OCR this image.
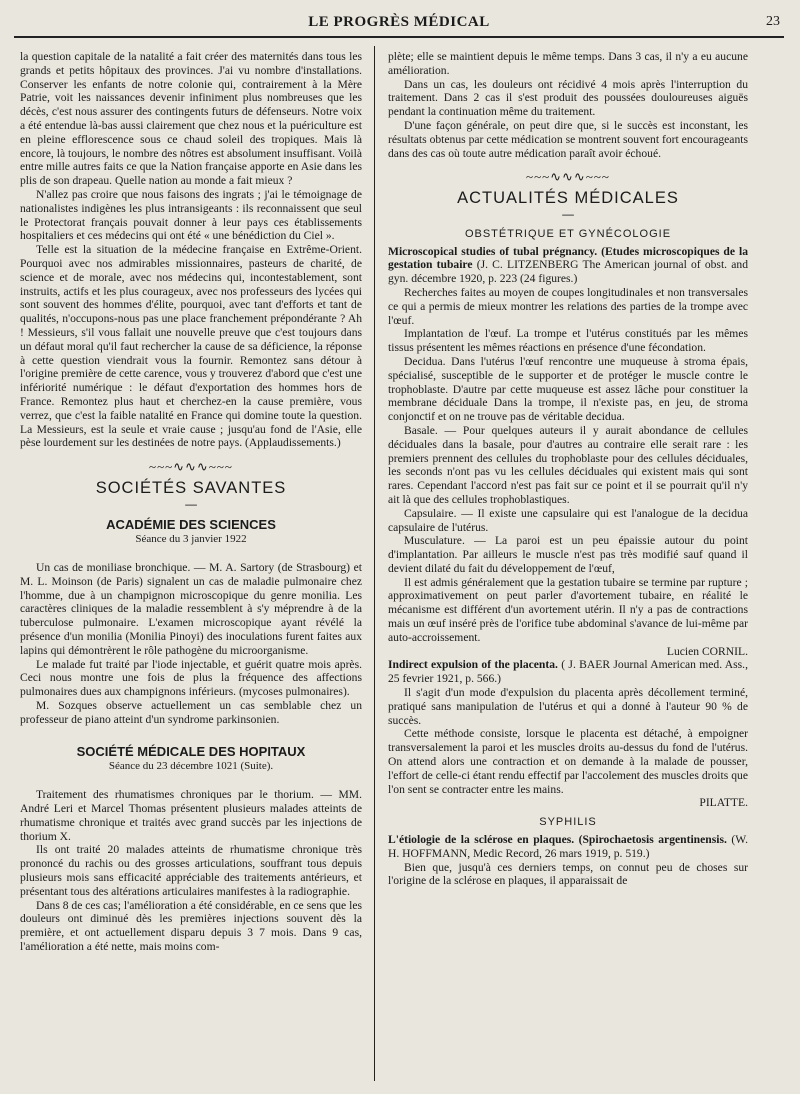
LE PROGRÈS MÉDICAL	23

la question capitale de la natalité a fait créer des maternités dans tous les grands et petits hôpitaux des provinces. J'ai vu nombre d'installations. Conserver les enfants de notre colonie qui, contrairement à la Mère Patrie, voit les naissances devenir infiniment plus nombreuses que les décès, c'est nous assurer des contingents futurs de défenseurs. Notre voix a été entendue là-bas aussi clairement que chez nous et la puériculture est en pleine efflorescence sous ce chaud soleil des tropiques. Mais là encore, là toujours, le nombre des nôtres est absolument insuffisant. Voilà entre mille autres faits ce que la Nation française apporte en Asie dans les plis de son drapeau. Quelle nation au monde a fait mieux ?

N'allez pas croire que nous faisons des ingrats ; j'ai le témoignage de nationalistes indigènes les plus intransigeants : ils reconnaissent que seul le Protectorat français pouvait donner à leur pays ces établissements hospitaliers et ces médecins qui ont été « une bénédiction du Ciel ».

Telle est la situation de la médecine française en Extrême-Orient. Pourquoi avec nos admirables missionnaires, pasteurs de charité, de science et de morale, avec nos médecins qui, incontestablement, sont instruits, actifs et les plus courageux, avec nos professeurs des lycées qui sont souvent des hommes d'élite, pourquoi, avec tant d'efforts et tant de qualités, n'occupons-nous pas une place franchement prépondérante ? Ah ! Messieurs, s'il vous fallait une nouvelle preuve que c'est toujours dans un défaut moral qu'il faut rechercher la cause de sa déficience, la réponse à cette question viendrait vous la fournir. Remontez sans détour à l'origine première de cette carence, vous y trouverez d'abord que c'est une infériorité numérique : le défaut d'exportation des hommes hors de France. Remontez plus haut et cherchez-en la cause première, vous verrez, que c'est la faible natalité en France qui domine toute la question. La Messieurs, est la seule et vraie cause ; jusqu'au fond de l'Asie, elle pèse lourdement sur les destinées de notre pays. (Applaudissements.)

~~~∿∿∿~~~
SOCIÉTÉS SAVANTES
—
ACADÉMIE DES SCIENCES
Séance du 3 janvier 1922

Un cas de moniliase bronchique. — M. A. Sartory (de Strasbourg) et M. L. Moinson (de Paris) signalent un cas de maladie pulmonaire chez l'homme, due à un champignon microscopique du genre monilia. Les caractères cliniques de la maladie ressemblent à s'y méprendre à de la tuberculose pulmonaire. L'examen microscopique ayant révélé la présence d'un monilia (Monilia Pinoyi) des inoculations furent faites aux lapins qui démontrèrent le rôle pathogène du microorganisme.

Le malade fut traité par l'iode injectable, et guérit quatre mois après. Ceci nous montre une fois de plus la fréquence des affections pulmonaires dues aux champignons inférieurs. (mycoses pulmonaires).

M. Sozques observe actuellement un cas semblable chez un professeur de piano atteint d'un syndrome parkinsonien.

SOCIÉTÉ MÉDICALE DES HOPITAUX
Séance du 23 décembre 1021 (Suite).

Traitement des rhumatismes chroniques par le thorium. — MM. André Leri et Marcel Thomas présentent plusieurs malades atteints de rhumatisme chronique et traités avec grand succès par les injections de thorium X.

Ils ont traité 20 malades atteints de rhumatisme chronique très prononcé du rachis ou des grosses articulations, souffrant tous depuis plusieurs mois sans efficacité appréciable des traitements antérieurs, et présentant tous des altérations articulaires manifestes à la radiographie.

Dans 8 de ces cas; l'amélioration a été considérable, en ce sens que les douleurs ont diminué dès les premières injections souvent dès la première, et ont actuellement disparu depuis 3 7 mois. Dans 9 cas, l'amélioration a été nette, mais moins com-

plète; elle se maintient depuis le même temps. Dans 3 cas, il n'y a eu aucune amélioration.

Dans un cas, les douleurs ont récidivé 4 mois après l'interruption du traitement. Dans 2 cas il s'est produit des poussées douloureuses aiguës pendant la continuation même du traitement.

D'une façon générale, on peut dire que, si le succès est inconstant, les résultats obtenus par cette médication se montrent souvent fort encourageants dans des cas où toute autre médication paraît avoir échoué.

~~~∿∿∿~~~
ACTUALITÉS MÉDICALES
—
OBSTÉTRIQUE ET GYNÉCOLOGIE

Microscopical studies of tubal prégnancy. (Etudes microscopiques de la gestation tubaire (J. C. LITZENBERG The American journal of obst. and gyn. décembre 1920, p. 223 (24 figures.)

Recherches faites au moyen de coupes longitudinales et non transversales ce qui a permis de mieux montrer les relations des parties de la trompe avec l'œuf.

Implantation de l'œuf. La trompe et l'utérus constitués par les mêmes tissus présentent les mêmes réactions en présence d'une fécondation.

Decidua. Dans l'utérus l'œuf rencontre une muqueuse à stroma épais, spécialisé, susceptible de le supporter et de protéger le muscle contre le trophoblaste. D'autre par cette muqueuse est assez lâche pour constituer la membrane déciduale Dans la trompe, il n'existe pas, en jeu, de stroma conjonctif et on ne trouve pas de véritable decidua.

Basale. — Pour quelques auteurs il y aurait abondance de cellules déciduales dans la basale, pour d'autres au contraire elle serait rare : les premiers prennent des cellules du trophoblaste pour des cellules déciduales, les seconds n'ont pas vu les cellules déciduales qui existent mais qui sont rares. Cependant l'accord n'est pas fait sur ce point et il se pourrait qu'il n'y ait là que des cellules trophoblastiques.

Capsulaire. — Il existe une capsulaire qui est l'analogue de la decidua capsulaire de l'utérus.

Musculature. — La paroi est un peu épaissie autour du point d'implantation. Par ailleurs le muscle n'est pas très modifié sauf quand il devient dilaté du fait du développement de l'œuf,

Il est admis généralement que la gestation tubaire se termine par rupture ; approximativement on peut parler d'avortement tubaire, en réalité le mécanisme est différent d'un avortement utérin. Il n'y a pas de contractions mais un œuf inséré près de l'orifice tube abdominal s'avance de lui-même par auto-accroissement.

Lucien CORNIL.

Indirect expulsion of the placenta. ( J. BAER Journal American med. Ass., 25 fevrier 1921, p. 566.)

Il s'agit d'un mode d'expulsion du placenta après décollement terminé, pratiqué sans manipulation de l'utérus et qui a donné à l'auteur 90 % de succès.

Cette méthode consiste, lorsque le placenta est détaché, à empoigner transversalement la paroi et les muscles droits au-dessus du fond de l'utérus. On attend alors une contraction et on demande à la malade de pousser, l'effort de celle-ci étant rendu effectif par l'accolement des muscles droits que l'on sent se contracter entre les mains.

PILATTE.

SYPHILIS

L'étiologie de la sclérose en plaques. (Spirochaetosis argentinensis. (W. H. HOFFMANN, Medic Record, 26 mars 1919, p. 519.)

Bien que, jusqu'à ces derniers temps, on connut peu de choses sur l'origine de la sclérose en plaques, il apparaissait de
